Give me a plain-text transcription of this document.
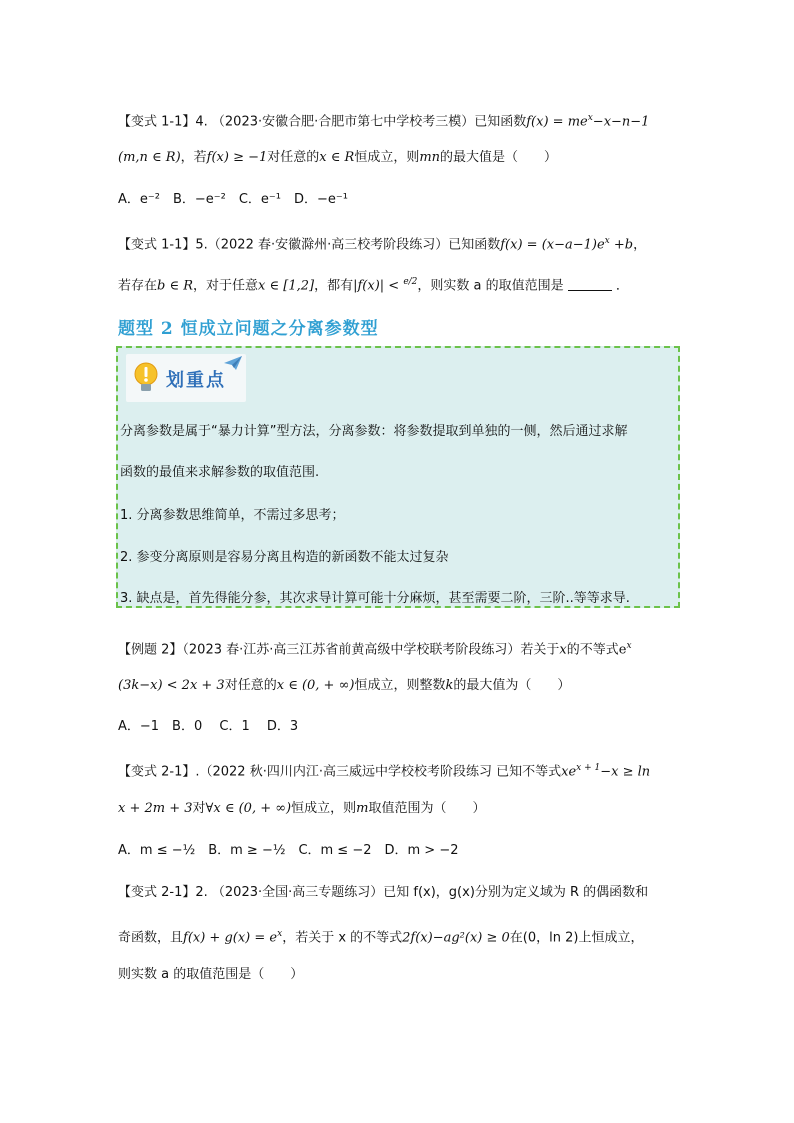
【变式 1-1】4. （2023·安徽合肥·合肥市第七中学校考三模）已知函数$f(x) = me^x-x-n-1$
(m,n ∈ R)，若f(x) ≥ −1对任意的x ∈ R恒成立，则mn的最大值是（　　）
A．e⁻²　B．−e⁻²　C．e⁻¹　D．−e⁻¹
【变式 1-1】5.（2022 春·安徽滁州·高三校考阶段练习）已知函数$f(x) = (x-a-1)e^x +b$，
若存在b ∈ R，对于任意x ∈ [1,2]，都有|f(x)| < $^{e/2}$，则实数 a 的取值范围是	．
题型 2 恒成立问题之分离参数型
划重点
分离参数是属于“暴力计算”型方法，分离参数：将参数提取到单独的一侧，然后通过求解
函数的最值来求解参数的取值范围.
1. 分离参数思维简单，不需过多思考；
2. 参变分离原则是容易分离且构造的新函数不能太过复杂
3. 缺点是，首先得能分参，其次求导计算可能十分麻烦，甚至需要二阶，三阶..等等求导.
【例题 2】（2023 春·江苏·高三江苏省前黄高级中学校联考阶段练习）若关于x的不等式$e^x$
(3k−x) < 2x + 3对任意的x ∈ (0, + ∞)恒成立，则整数k的最大值为（　　）
A．−1　B．0　 C．1　 D．3
【变式 2-1】.（2022 秋·四川内江·高三威远中学校校考阶段练习 已知不等式$xe^{x + 1}-x \ge \ln$
x + 2m + 3对∀x ∈ (0, + ∞)恒成立，则m取值范围为（　　）
A．m ≤ −½　B．m ≥ −½　C．m ≤ −2　D．m > −2
【变式 2-1】2. （2023·全国·高三专题练习）已知 f(x)，g(x)分别为定义域为 R 的偶函数和
奇函数，且$f(x) + g(x) = e^x$，若关于 x 的不等式2f(x)−ag²(x) ≥ 0在(0，ln 2)上恒成立，
则实数 a 的取值范围是（　　）
